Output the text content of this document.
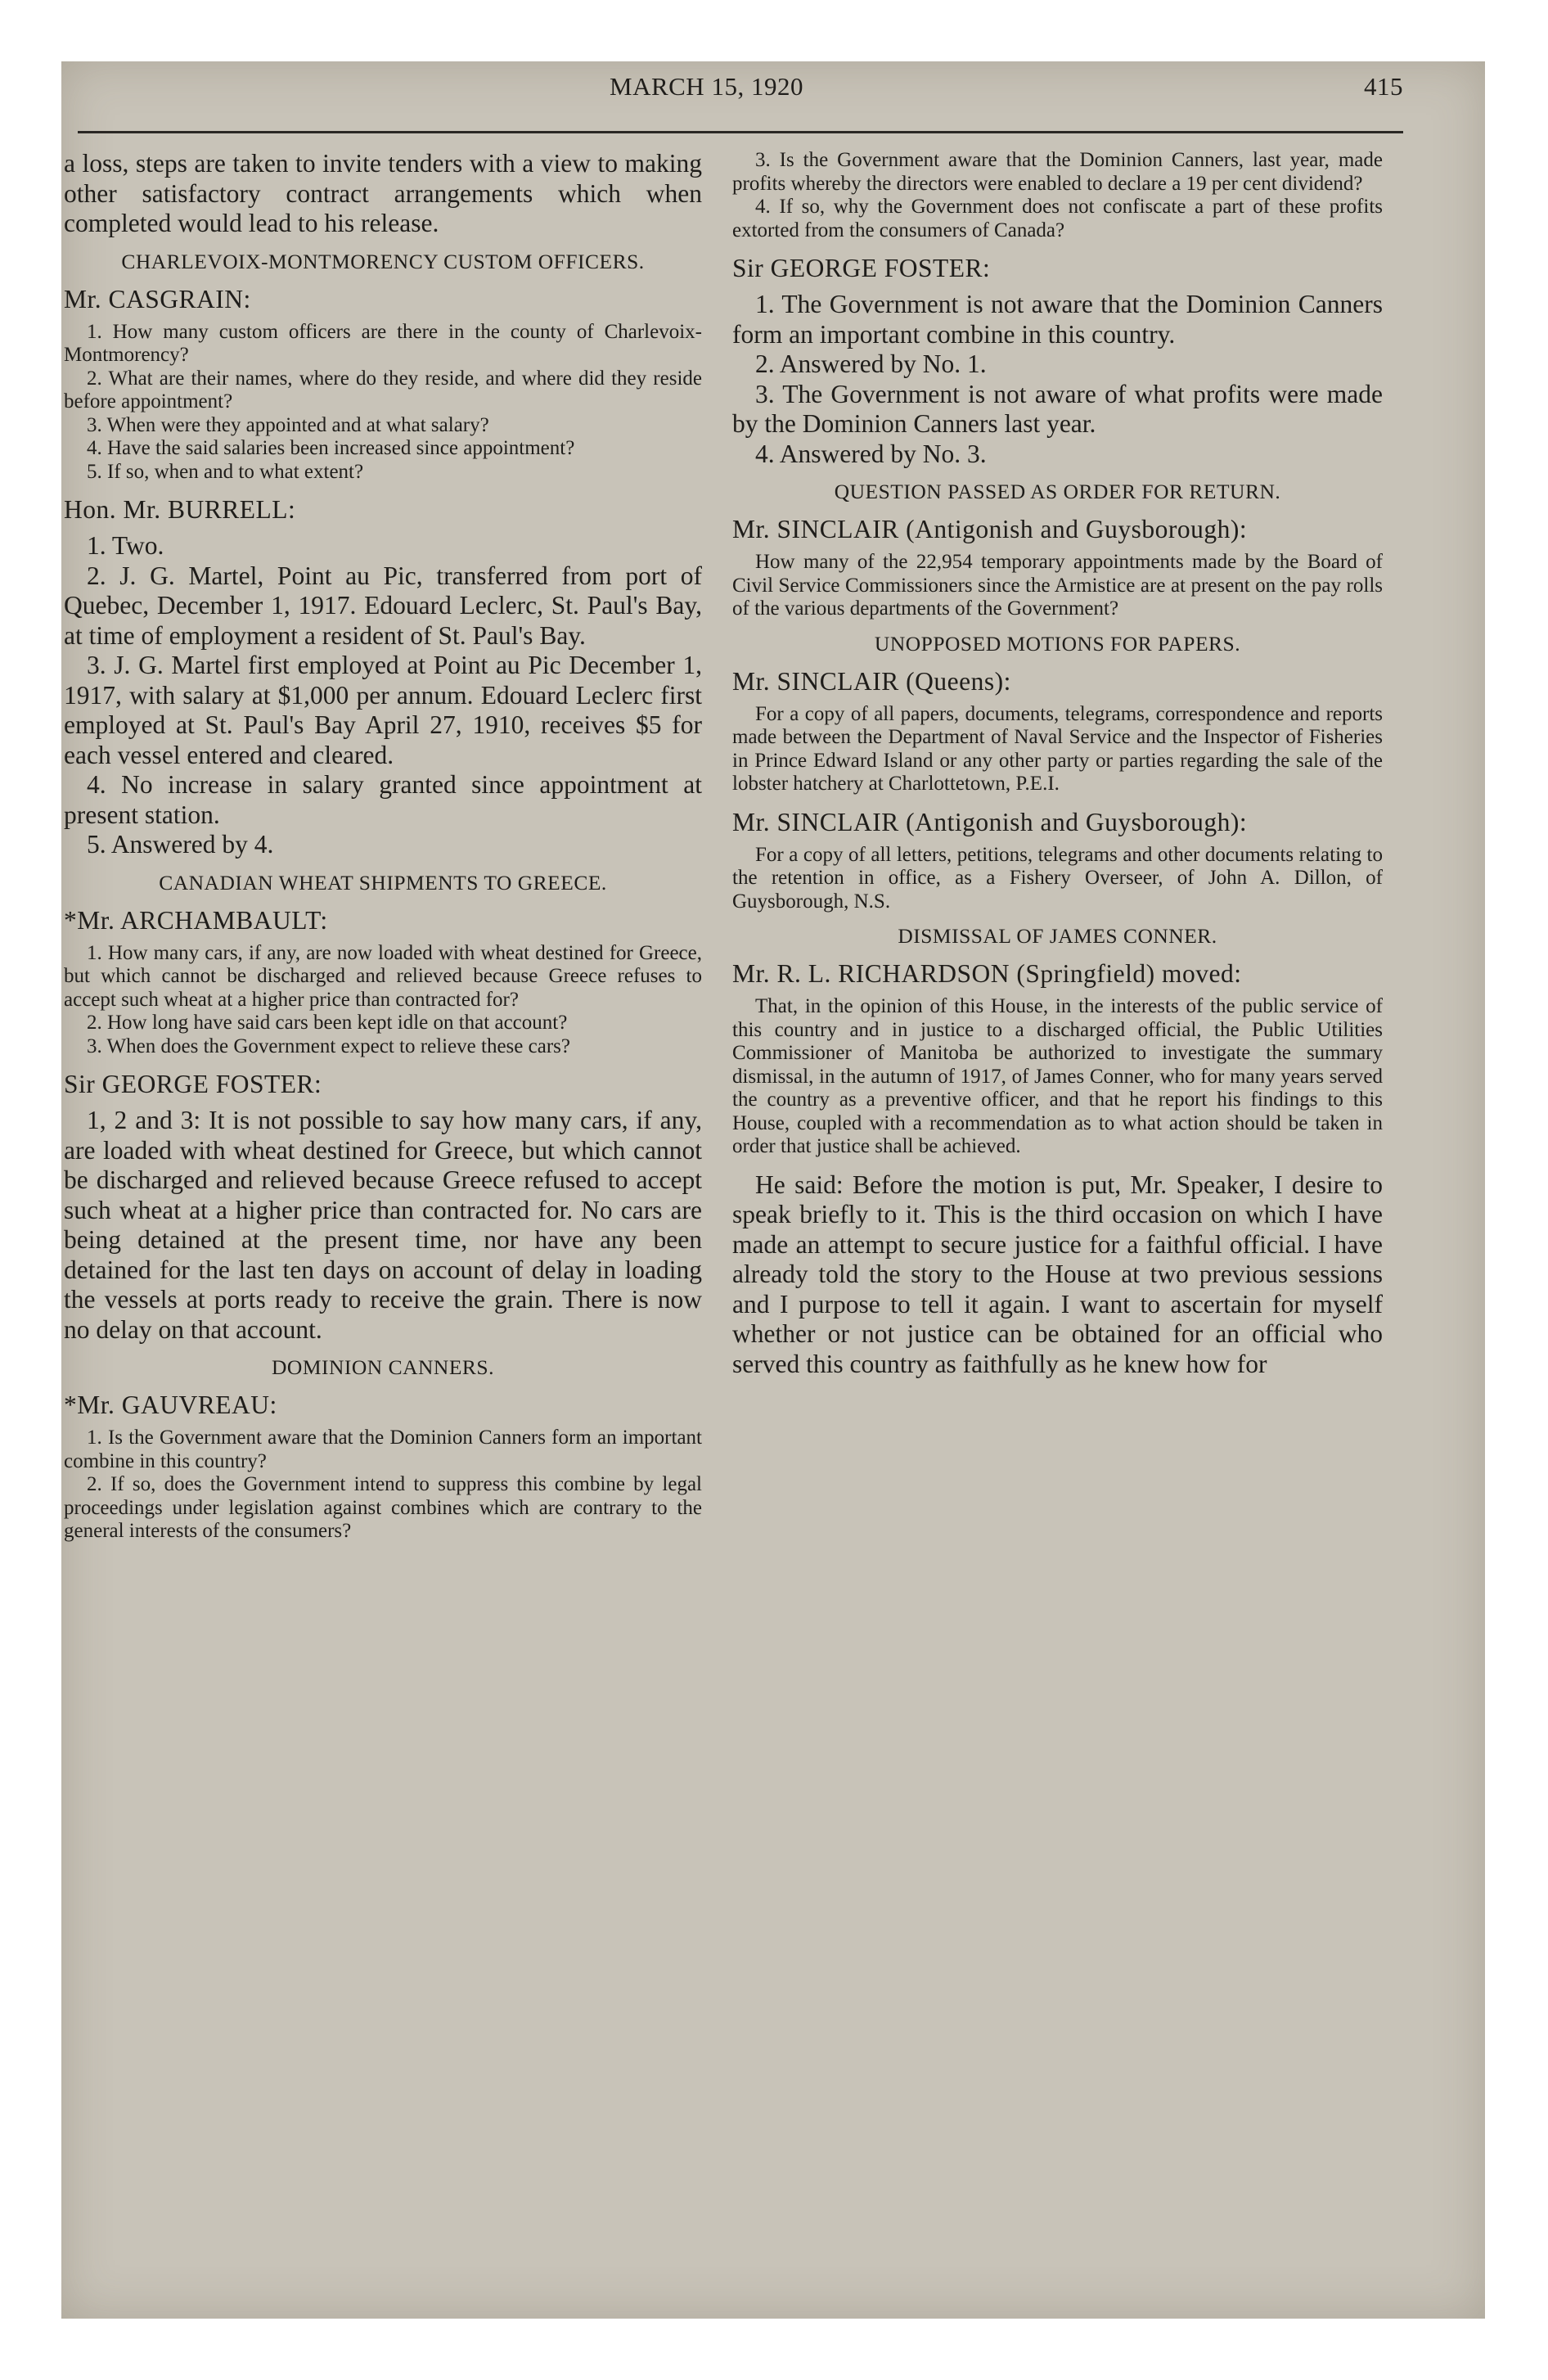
MARCH 15, 1920	415

a loss, steps are taken to invite tenders with a view to making other satisfactory contract arrangements which when completed would lead to his release.

CHARLEVOIX-MONTMORENCY CUSTOM OFFICERS.
Mr. CASGRAIN:

1. How many custom officers are there in the county of Charlevoix-Montmorency?

2. What are their names, where do they reside, and where did they reside before appointment?

3. When were they appointed and at what salary?

4. Have the said salaries been increased since appointment?

5. If so, when and to what extent?

Hon. Mr. BURRELL:

1. Two.

2. J. G. Martel, Point au Pic, transferred from port of Quebec, December 1, 1917. Edouard Leclerc, St. Paul's Bay, at time of employment a resident of St. Paul's Bay.

3. J. G. Martel first employed at Point au Pic December 1, 1917, with salary at $1,000 per annum. Edouard Leclerc first employed at St. Paul's Bay April 27, 1910, receives $5 for each vessel entered and cleared.

4. No increase in salary granted since appointment at present station.

5. Answered by 4.

CANADIAN WHEAT SHIPMENTS TO GREECE.
*Mr. ARCHAMBAULT:

1. How many cars, if any, are now loaded with wheat destined for Greece, but which cannot be discharged and relieved because Greece refuses to accept such wheat at a higher price than contracted for?

2. How long have said cars been kept idle on that account?

3. When does the Government expect to relieve these cars?

Sir GEORGE FOSTER:

1, 2 and 3: It is not possible to say how many cars, if any, are loaded with wheat destined for Greece, but which cannot be discharged and relieved because Greece refused to accept such wheat at a higher price than contracted for. No cars are being detained at the present time, nor have any been detained for the last ten days on account of delay in loading the vessels at ports ready to receive the grain. There is now no delay on that account.

DOMINION CANNERS.
*Mr. GAUVREAU:

1. Is the Government aware that the Dominion Canners form an important combine in this country?

2. If so, does the Government intend to suppress this combine by legal proceedings under legislation against combines which are contrary to the general interests of the consumers?

3. Is the Government aware that the Dominion Canners, last year, made profits whereby the directors were enabled to declare a 19 per cent dividend?

4. If so, why the Government does not confiscate a part of these profits extorted from the consumers of Canada?

Sir GEORGE FOSTER:

1. The Government is not aware that the Dominion Canners form an important combine in this country.

2. Answered by No. 1.

3. The Government is not aware of what profits were made by the Dominion Canners last year.

4. Answered by No. 3.

QUESTION PASSED AS ORDER FOR RETURN.
Mr. SINCLAIR (Antigonish and Guysborough):

How many of the 22,954 temporary appointments made by the Board of Civil Service Commissioners since the Armistice are at present on the pay rolls of the various departments of the Government?

UNOPPOSED MOTIONS FOR PAPERS.
Mr. SINCLAIR (Queens):

For a copy of all papers, documents, telegrams, correspondence and reports made between the Department of Naval Service and the Inspector of Fisheries in Prince Edward Island or any other party or parties regarding the sale of the lobster hatchery at Charlottetown, P.E.I.

Mr. SINCLAIR (Antigonish and Guysborough):

For a copy of all letters, petitions, telegrams and other documents relating to the retention in office, as a Fishery Overseer, of John A. Dillon, of Guysborough, N.S.

DISMISSAL OF JAMES CONNER.
Mr. R. L. RICHARDSON (Springfield) moved:

That, in the opinion of this House, in the interests of the public service of this country and in justice to a discharged official, the Public Utilities Commissioner of Manitoba be authorized to investigate the summary dismissal, in the autumn of 1917, of James Conner, who for many years served the country as a preventive officer, and that he report his findings to this House, coupled with a recommendation as to what action should be taken in order that justice shall be achieved.

He said: Before the motion is put, Mr. Speaker, I desire to speak briefly to it. This is the third occasion on which I have made an attempt to secure justice for a faithful official. I have already told the story to the House at two previous sessions and I purpose to tell it again. I want to ascertain for myself whether or not justice can be obtained for an official who served this country as faithfully as he knew how for
